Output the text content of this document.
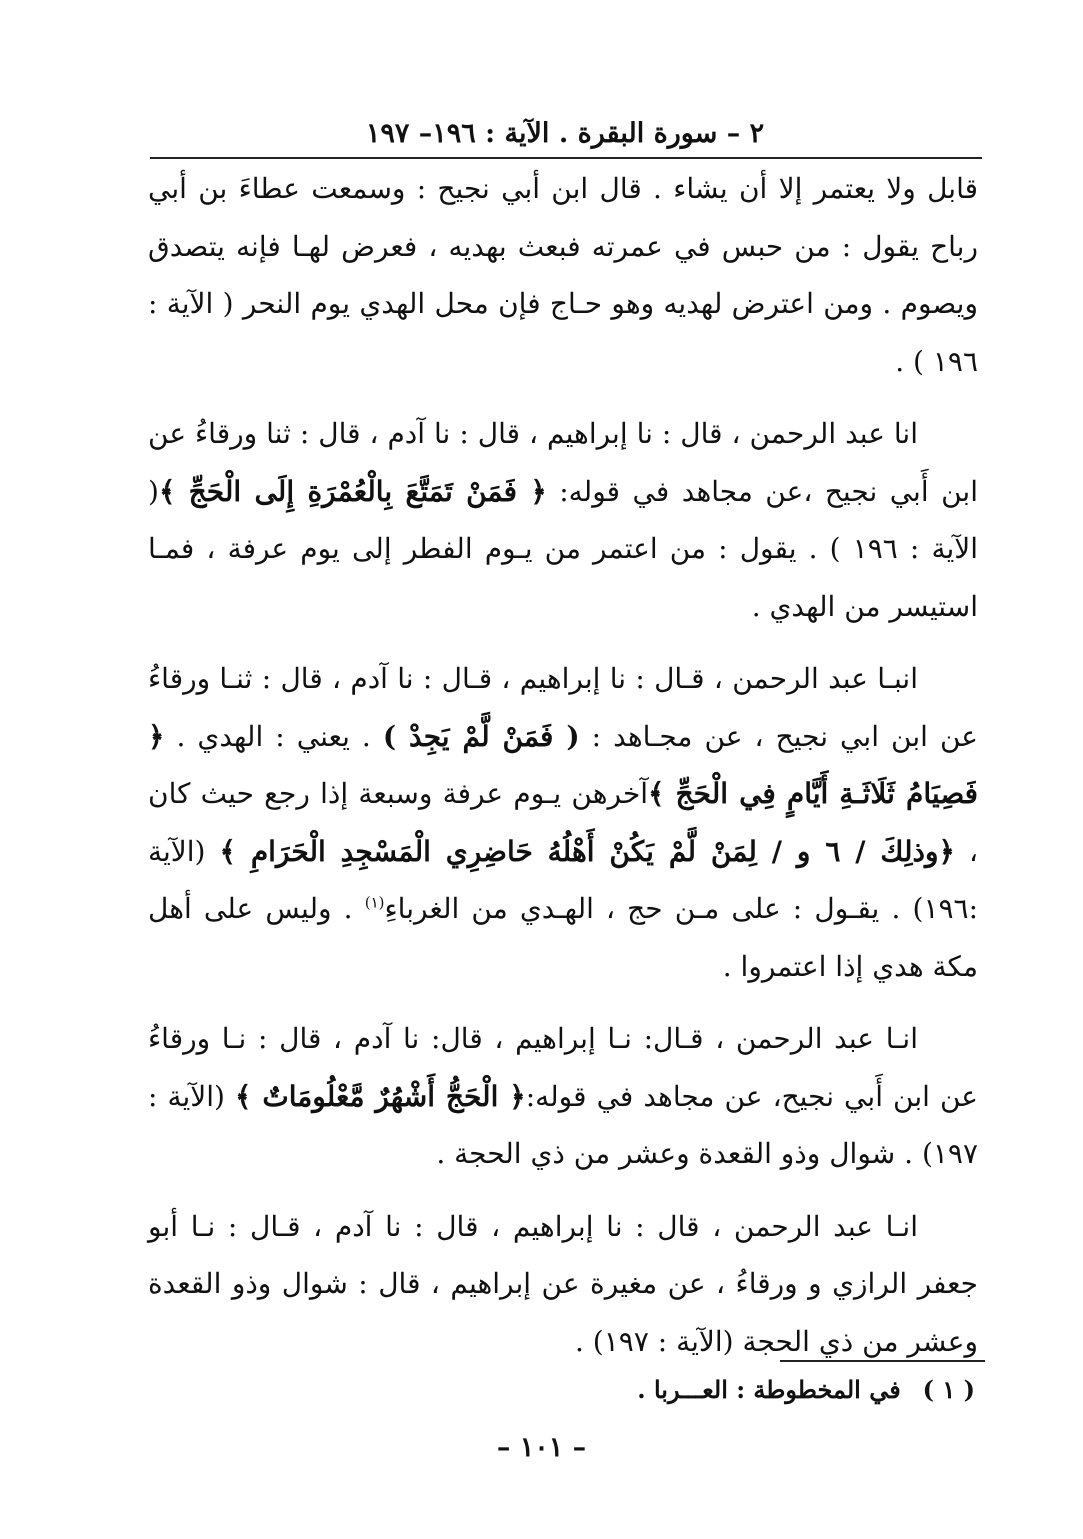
٢ – سورة البقرة . الآية : ١٩٦– ١٩٧

قابل ولا يعتمر إلا أن يشاء . قال ابن أبي نجيح : وسمعت عطاءَ بن أبي رباح يقول : من حبس في عمرته فبعث بهديه ، فعرض لهـا فإنه يتصدق ويصوم . ومن اعترض لهديه وهو حـاج فإن محل الهدي يوم النحر ( الآية : ١٩٦ ) .

انا عبد الرحمن ، قال : نا إبراهيم ، قال : نا آدم ، قال : ثنا ورقاءُ عن ابن أَبي نجيح ،عن مجاهد في قوله: ﴿ فَمَنْ تَمَتَّعَ بِالْعُمْرَةِ إِلَى الْحَجِّ ﴾( الآية : ١٩٦ ) . يقول : من اعتمر من يـوم الفطر إلى يوم عرفة ، فمـا استيسر من الهدي .

انبـا عبد الرحمن ، قـال : نا إبراهيم ، قـال : نا آدم ، قال : ثنـا ورقاءُ عن ابن ابي نجيح ، عن مجـاهد : ( فَمَنْ لَّمْ يَجِدْ ) . يعني : الهدي . ﴿ فَصِيَامُ ثَلَاثَـةِ أَيَّامٍ فِي الْحَجِّ ﴾آخرهن يـوم عرفة وسبعة إذا رجع حيث كان ، ﴿وذلِكَ / ٦ و / لِمَنْ لَّمْ يَكُنْ أَهْلُهُ حَاضِرِي الْمَسْجِدِ الْحَرَامِ ﴾ (الآية :١٩٦) . يقـول : على مـن حج ، الهـدي من الغرباءِ$^{(١)}$ . وليس على أهل مكة هدي إذا اعتمروا .

انـا عبد الرحمن ، قـال: نـا إبراهيم ، قال: نا آدم ، قال : نـا ورقاءُ عن ابن أَبي نجيح، عن مجاهد في قوله:﴿ الْحَجُّ أَشْهُرٌ مَّعْلُومَاتٌ ﴾ (الآية : ١٩٧) . شوال وذو القعدة وعشر من ذي الحجة .

انـا عبد الرحمن ، قال : نا إبراهيم ، قال : نا آدم ، قـال : نـا أبو جعفر الرازي و ورقاءُ ، عن مغيرة عن إبراهيم ، قال : شوال وذو القعدة وعشر من ذي الحجة (الآية : ١٩٧) .

( ١ )في المخطوطة : العـــربا .
– ١٠١ –
